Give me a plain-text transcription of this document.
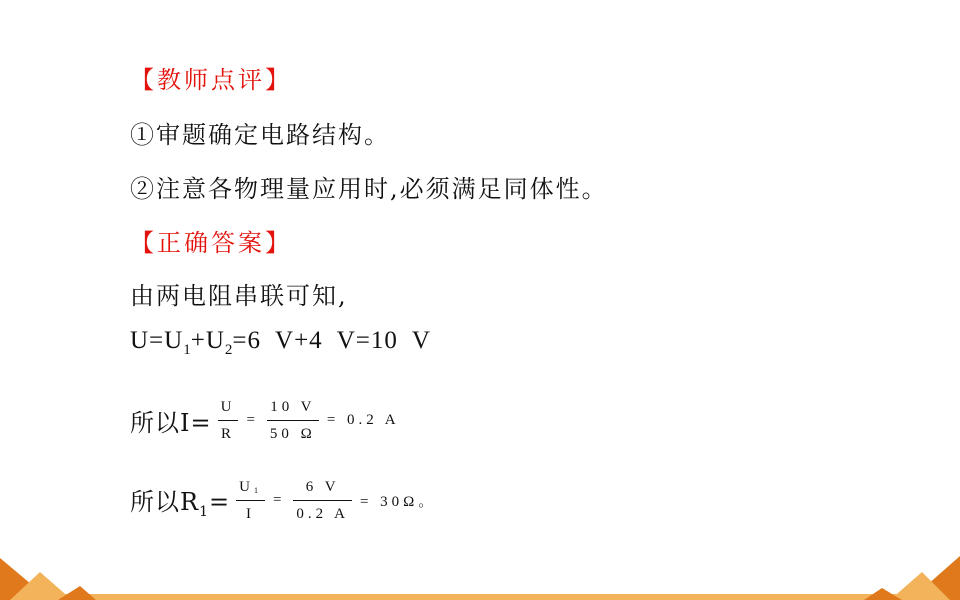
【教师点评】
①审题确定电路结构。
②注意各物理量应用时,必须满足同体性。
【正确答案】
由两电阻串联可知,
$U=U_1+U_2=6$  V+4  V=10  V
所以$I= \frac{U}{R} = \frac{10 V}{50 \Omega} = 0.2$ A
所以$R_1= \frac{U_1}{I} = \frac{6 V}{0.2 A} = 30\Omega$。
